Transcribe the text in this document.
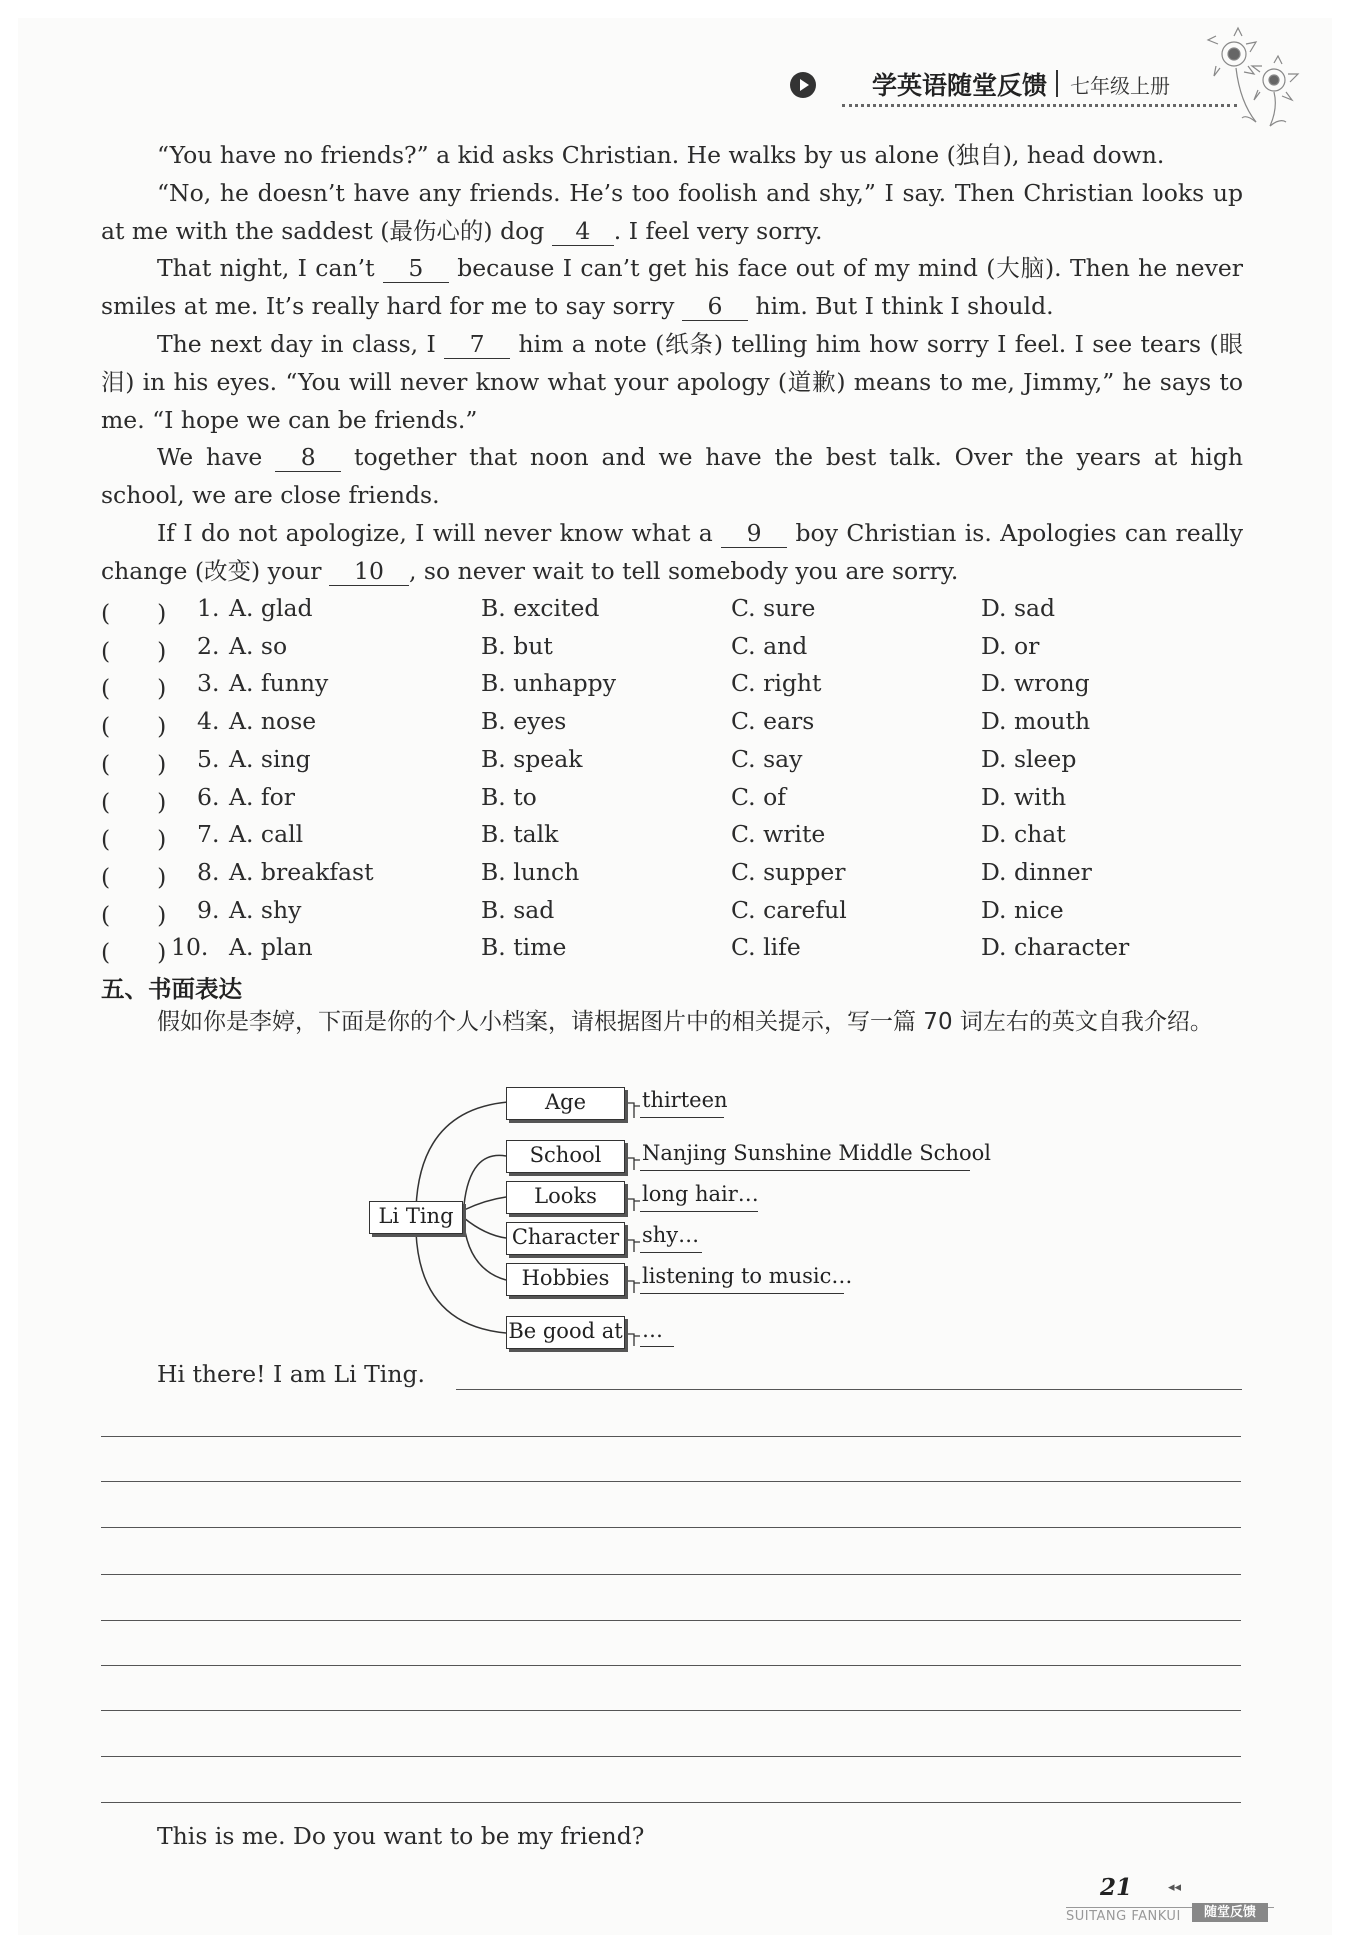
学英语随堂反馈 七年级上册

“You have no friends?” a kid asks Christian. He walks by us alone (独自), head down.

“No, he doesn’t have any friends. He’s too foolish and shy,” I say. Then Christian looks up at me with the saddest (最伤心的) dog 4 . I feel very sorry.

That night, I can’t 5 because I can’t get his face out of my mind (大脑). Then he never smiles at me. It’s really hard for me to say sorry 6 him. But I think I should.

The next day in class, I 7 him a note (纸条) telling him how sorry I feel. I see tears (眼泪) in his eyes. “You will never know what your apology (道歉) means to me, Jimmy,” he says to me. “I hope we can be friends.”

We have 8 together that noon and we have the best talk. Over the years at high school, we are close friends.

If I do not apologize, I will never know what a 9 boy Christian is. Apologies can really change (改变) your 10 , so never wait to tell somebody you are sorry.

(　　) 1. A. glad	B. excited	C. sure	D. sad
(　　) 2. A. so	B. but	C. and	D. or
(　　) 3. A. funny	B. unhappy	C. right	D. wrong
(　　) 4. A. nose	B. eyes	C. ears	D. mouth
(　　) 5. A. sing	B. speak	C. say	D. sleep
(　　) 6. A. for	B. to	C. of	D. with
(　　) 7. A. call	B. talk	C. write	D. chat
(　　) 8. A. breakfast	B. lunch	C. supper	D. dinner
(　　) 9. A. shy	B. sad	C. careful	D. nice
(　　) 10. A. plan	B. time	C. life	D. character
五、书面表达

假如你是李婷，下面是你的个人小档案，请根据图片中的相关提示，写一篇 70 词左右的英文自我介绍。

Li Ting
Age	thirteen
School	Nanjing Sunshine Middle School
Looks	long hair…
Character shy…
Hobbies	listening to music…
Be good at …
Hi there! I am Li Ting.
This is me. Do you want to be my friend?
21	◂◂
SUITANG FANKUI	随堂反馈
